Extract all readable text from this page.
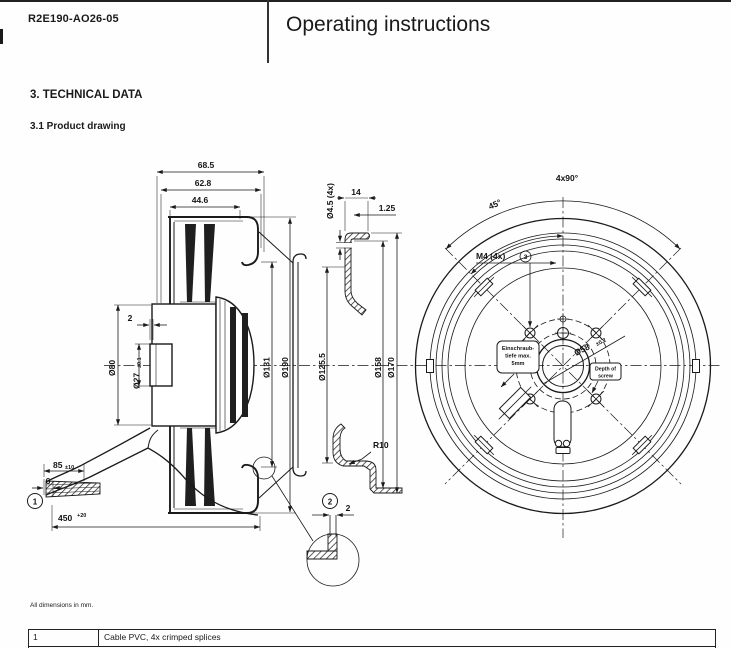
R2E190-AO26-05	Operating instructions
3. TECHNICAL DATA
3.1 Product drawing
68.5
62.8
44.6
2
Ø80
Ø27
±0.1	Ø131 Ø190
85 ±10
6
1
450 +20
Ø4.5 (4x) 14
1.25
Ø125.5	Ø158 Ø170
R10
2
2
4x90°
45°
M4 (4x)	3
Ø58 ±0.2
Einschraub-
tiefe max.
5mm
Depth of
screw
All dimensions in mm.
1	Cable PVC, 4x crimped splices
